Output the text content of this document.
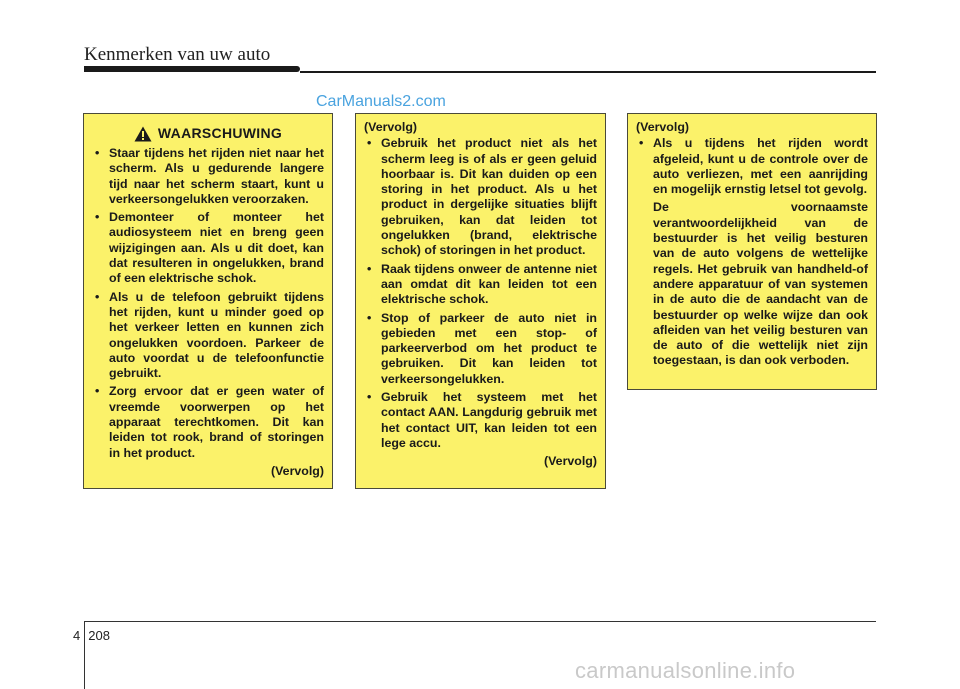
Kenmerken van uw auto
CarManuals2.com
WAARSCHUWING
• Staar tijdens het rijden niet naar het scherm. Als u gedurende langere tijd naar het scherm staart, kunt u verkeersongelukken veroorzaken.
• Demonteer of monteer het audiosysteem niet en breng geen wijzigingen aan. Als u dit doet, kan dat resulteren in ongelukken, brand of een elektrische schok.
• Als u de telefoon gebruikt tijdens het rijden, kunt u minder goed op het verkeer letten en kunnen zich ongelukken voordoen. Parkeer de auto voordat u de telefoonfunctie gebruikt.
• Zorg ervoor dat er geen water of vreemde voorwerpen op het apparaat terechtkomen. Dit kan leiden tot rook, brand of storingen in het product.
(Vervolg)
(Vervolg)
• Gebruik het product niet als het scherm leeg is of als er geen geluid hoorbaar is. Dit kan duiden op een storing in het product. Als u het product in dergelijke situaties blijft gebruiken, kan dat leiden tot ongelukken (brand, elektrische schok) of storingen in het product.
• Raak tijdens onweer de antenne niet aan omdat dit kan leiden tot een elektrische schok.
• Stop of parkeer de auto niet in gebieden met een stop- of parkeerverbod om het product te gebruiken. Dit kan leiden tot verkeersongelukken.
• Gebruik het systeem met het contact AAN. Langdurig gebruik met het contact UIT, kan leiden tot een lege accu.
(Vervolg)
(Vervolg)
• Als u tijdens het rijden wordt afgeleid, kunt u de controle over de auto verliezen, met een aanrijding en mogelijk ernstig letsel tot gevolg.
De voornaamste verantwoordelijkheid van de bestuurder is het veilig besturen van de auto volgens de wettelijke regels. Het gebruik van handheld-of andere apparatuur of van systemen in de auto die de aandacht van de bestuurder op welke wijze dan ook afleiden van het veilig besturen van de auto of die wettelijk niet zijn toegestaan, is dan ook verboden.
4 208
carmanualsonline.info
